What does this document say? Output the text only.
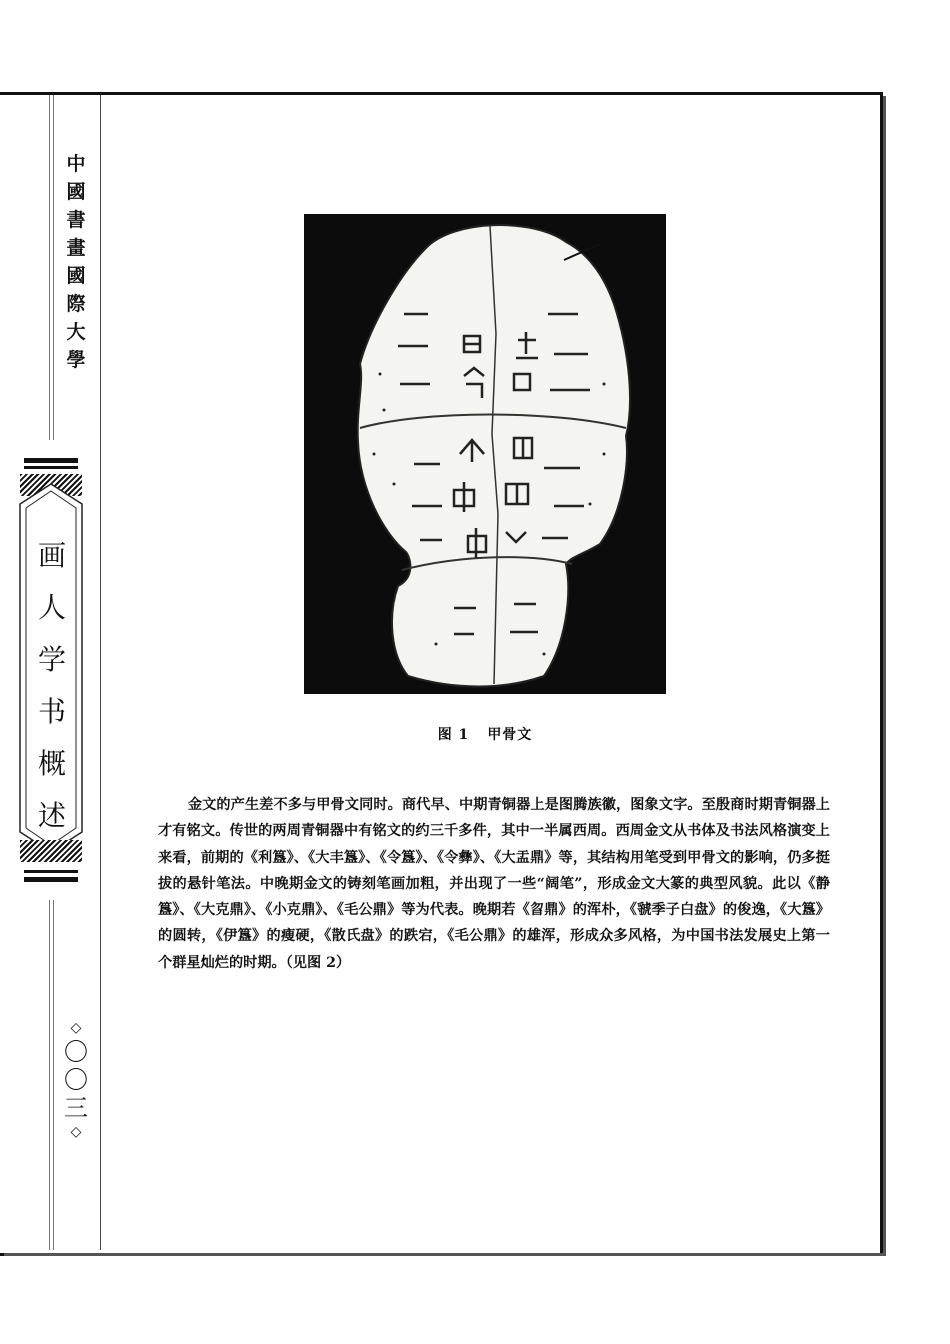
中
國
書
畫
國
際
大
學
画
人
学
书
概
述
◇
〇
〇
三
◇
图 1 甲骨文

金文的产生差不多与甲骨文同时。商代早、中期青铜器上是图腾族徽，图象文字。至殷商时期青铜器上才有铭文。传世的两周青铜器中有铭文的约三千多件，其中一半属西周。西周金文从书体及书法风格演变上来看，前期的《利簋》、《大丰簋》、《令簋》、《令彝》、《大盂鼎》等，其结构用笔受到甲骨文的影响，仍多挺拔的悬针笔法。中晚期金文的铸刻笔画加粗，并出现了一些“阔笔”，形成金文大篆的典型风貌。此以《静簋》、《大克鼎》、《小克鼎》、《毛公鼎》等为代表。晚期若《曶鼎》的浑朴，《虢季子白盘》的俊逸，《大簋》的圆转，《伊簋》的瘦硬，《散氏盘》的跌宕，《毛公鼎》的雄浑，形成众多风格，为中国书法发展史上第一个群星灿烂的时期。（见图 2）
